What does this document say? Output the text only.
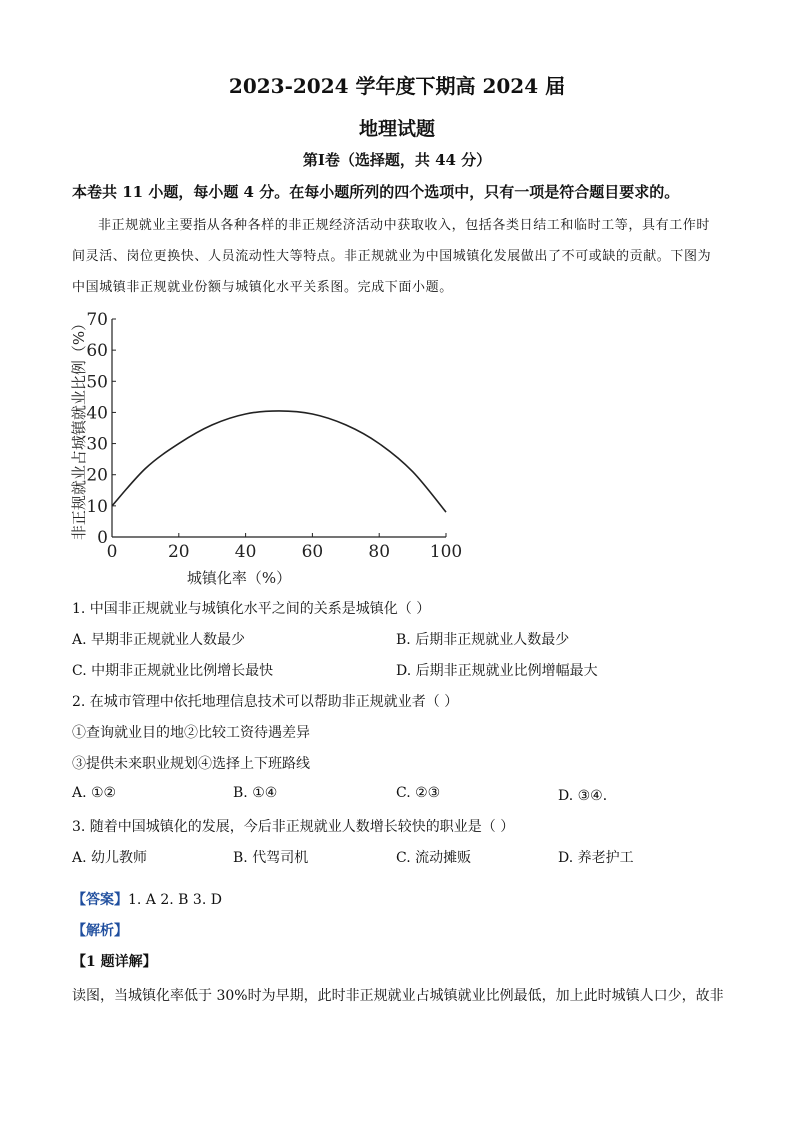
2023-2024 学年度下期高 2024 届
地理试题
第Ⅰ卷（选择题，共 44 分）
本卷共 11 小题，每小题 4 分。在每小题所列的四个选项中，只有一项是符合题目要求的。
非正规就业主要指从各种各样的非正规经济活动中获取收入，包括各类日结工和临时工等，具有工作时间灵活、岗位更换快、人员流动性大等特点。非正规就业为中国城镇化发展做出了不可或缺的贡献。下图为中国城镇非正规就业份额与城镇化水平关系图。完成下面小题。
0
10
20
30
40
50
60
70
0	20	40	60	80 100
非正规就业占城镇就业比例（%）
城镇化率（%）
1. 中国非正规就业与城镇化水平之间的关系是城镇化（ ）
A. 早期非正规就业人数最少	B. 后期非正规就业人数最少
C. 中期非正规就业比例增长最快	D. 后期非正规就业比例增幅最大
2. 在城市管理中依托地理信息技术可以帮助非正规就业者（ ）
①查询就业目的地②比较工资待遇差异
③提供未来职业规划④选择上下班路线
A. ①②	B. ①④	C. ②③	D. ③④．
3. 随着中国城镇化的发展，今后非正规就业人数增长较快的职业是（ ）
A. 幼儿教师	B. 代驾司机	C. 流动摊贩	D. 养老护工
【答案】1. A 2. B 3. D
【解析】
【1 题详解】
读图，当城镇化率低于 30%时为早期，此时非正规就业占城镇就业比例最低，加上此时城镇人口少，故非
